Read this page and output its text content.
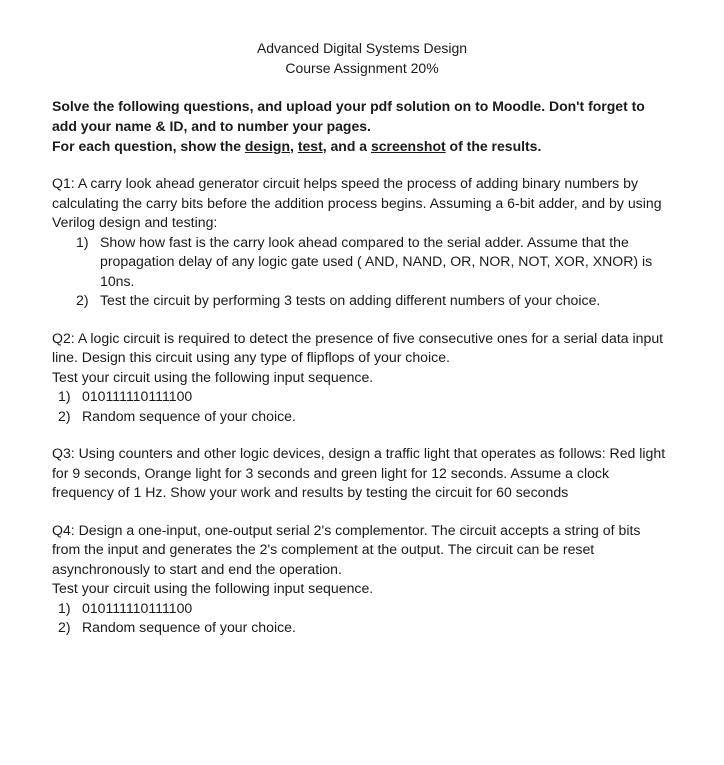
Advanced Digital Systems Design
Course Assignment 20%

Solve the following questions, and upload your pdf solution on to Moodle. Don't forget to add your name & ID, and to number your pages.

For each question, show the design, test, and a screenshot of the results.

Q1: A carry look ahead generator circuit helps speed the process of adding binary numbers by calculating the carry bits before the addition process begins. Assuming a 6-bit adder, and by using Verilog design and testing:

1) Show how fast is the carry look ahead compared to the serial adder. Assume that the propagation delay of any logic gate used ( AND, NAND, OR, NOR, NOT, XOR, XNOR) is 10ns.
2) Test the circuit by performing 3 tests on adding different numbers of your choice.

Q2: A logic circuit is required to detect the presence of five consecutive ones for a serial data input line. Design this circuit using any type of flipflops of your choice.

Test your circuit using the following input sequence.

1) 010111110111100
2) Random sequence of your choice.

Q3: Using counters and other logic devices, design a traffic light that operates as follows: Red light for 9 seconds, Orange light for 3 seconds and green light for 12 seconds. Assume a clock frequency of 1 Hz. Show your work and results by testing the circuit for 60 seconds

Q4: Design a one-input, one-output serial 2's complementor. The circuit accepts a string of bits from the input and generates the 2's complement at the output. The circuit can be reset asynchronously to start and end the operation.

Test your circuit using the following input sequence.

1) 010111110111100
2) Random sequence of your choice.
